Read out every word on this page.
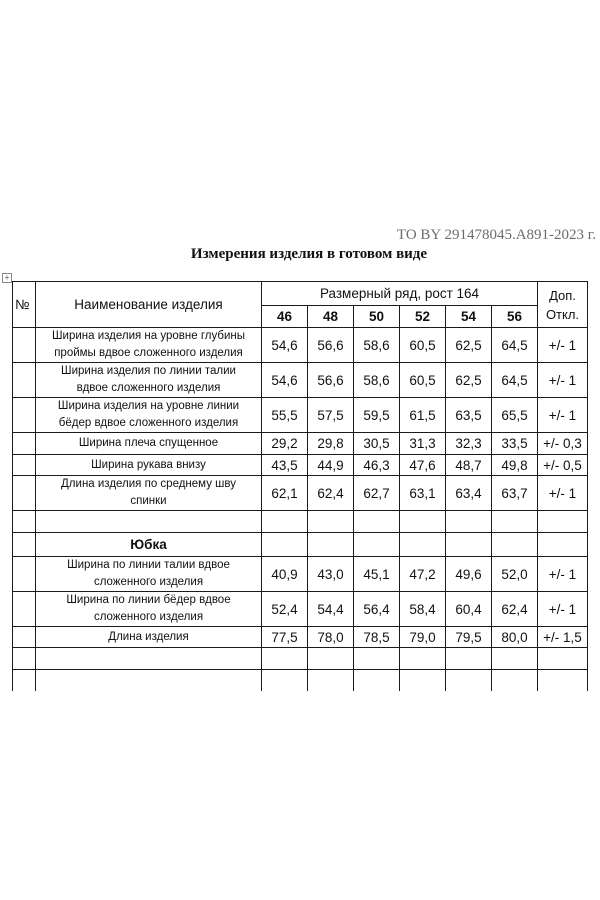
ТО BY 291478045.А891-2023 г.
Измерения изделия в готовом виде
+
№	Наименование изделия	Размерный ряд, рост 164						Доп.
Откл.

		46	48	50	52	54	56	

	Ширина изделия на уровне глубины
проймы вдвое сложенного изделия	54,6	56,6	58,6	60,5	62,5	64,5	+/- 1

	Ширина изделия по линии талии
вдвое сложенного изделия	54,6	56,6	58,6	60,5	62,5	64,5	+/- 1

	Ширина изделия на уровне линии
бёдер вдвое сложенного изделия	55,5	57,5	59,5	61,5	63,5	65,5	+/- 1
	Ширина плеча спущенное	29,2	29,8	30,5	31,3	32,3	33,5	+/- 0,3
	Ширина рукава внизу	43,5	44,9	46,3	47,6	48,7	49,8	+/- 0,5

	Длина изделия по среднему шву
спинки	62,1	62,4	62,7	63,1	63,4	63,7	+/- 1

	Юбка							

	Ширина по линии талии вдвое
сложенного изделия	40,9	43,0	45,1	47,2	49,6	52,0	+/- 1

	Ширина по линии бёдер вдвое
сложенного изделия	52,4	54,4	56,4	58,4	60,4	62,4	+/- 1
	Длина изделия	77,5	78,0	78,5	79,0	79,5	80,0	+/- 1,5
